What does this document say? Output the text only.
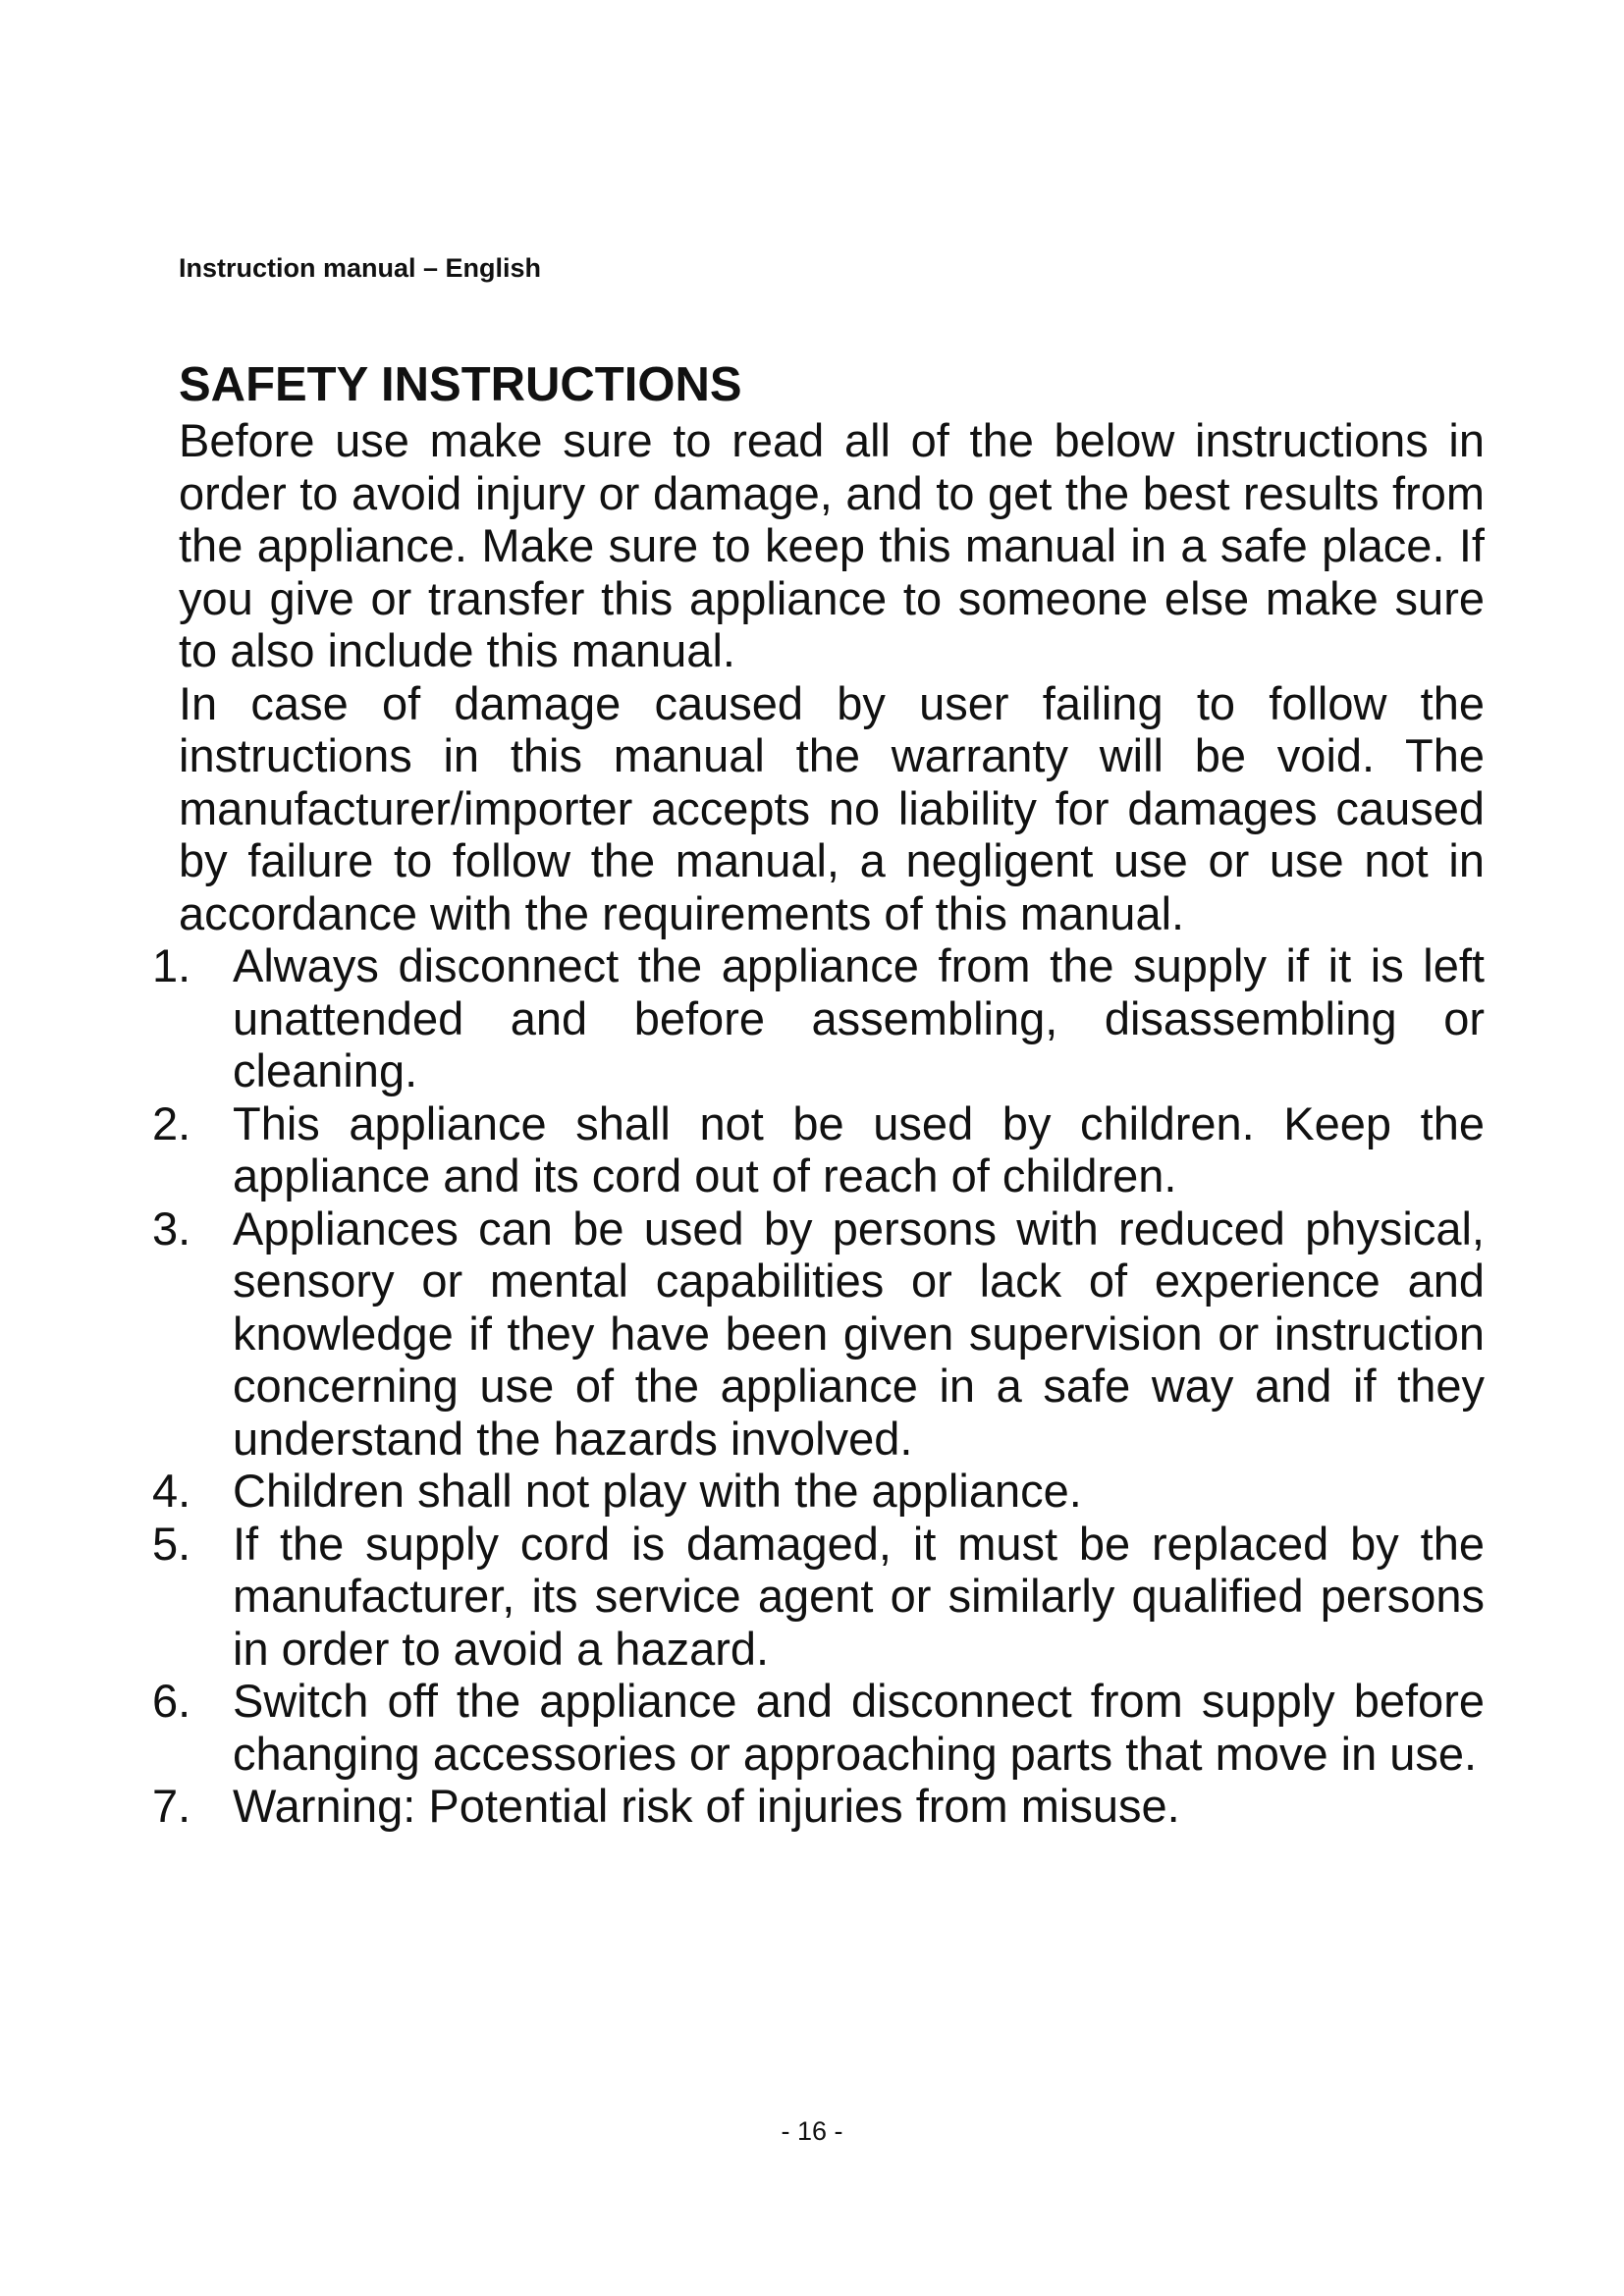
Instruction manual – English
SAFETY INSTRUCTIONS

Before use make sure to read all of the below instructions in order to avoid injury or damage, and to get the best results from the appliance. Make sure to keep this manual in a safe place. If you give or transfer this appliance to someone else make sure to also include this manual.

In case of damage caused by user failing to follow the instructions in this manual the warranty will be void. The manufacturer/importer accepts no liability for damages caused by failure to follow the manual, a negligent use or use not in accordance with the requirements of this manual.

1. Always disconnect the appliance from the supply if it is left unattended and before assembling, disassembling or cleaning.
2. This appliance shall not be used by children. Keep the appliance and its cord out of reach of children.
3. Appliances can be used by persons with reduced physical, sensory or mental capabilities or lack of experience and knowledge if they have been given supervision or instruction concerning use of the appliance in a safe way and if they understand the hazards involved.
4. Children shall not play with the appliance.
5. If the supply cord is damaged, it must be replaced by the manufacturer, its service agent or similarly qualified persons in order to avoid a hazard.
6. Switch off the appliance and disconnect from supply before changing accessories or approaching parts that move in use.
7. Warning: Potential risk of injuries from misuse.
- 16 -
